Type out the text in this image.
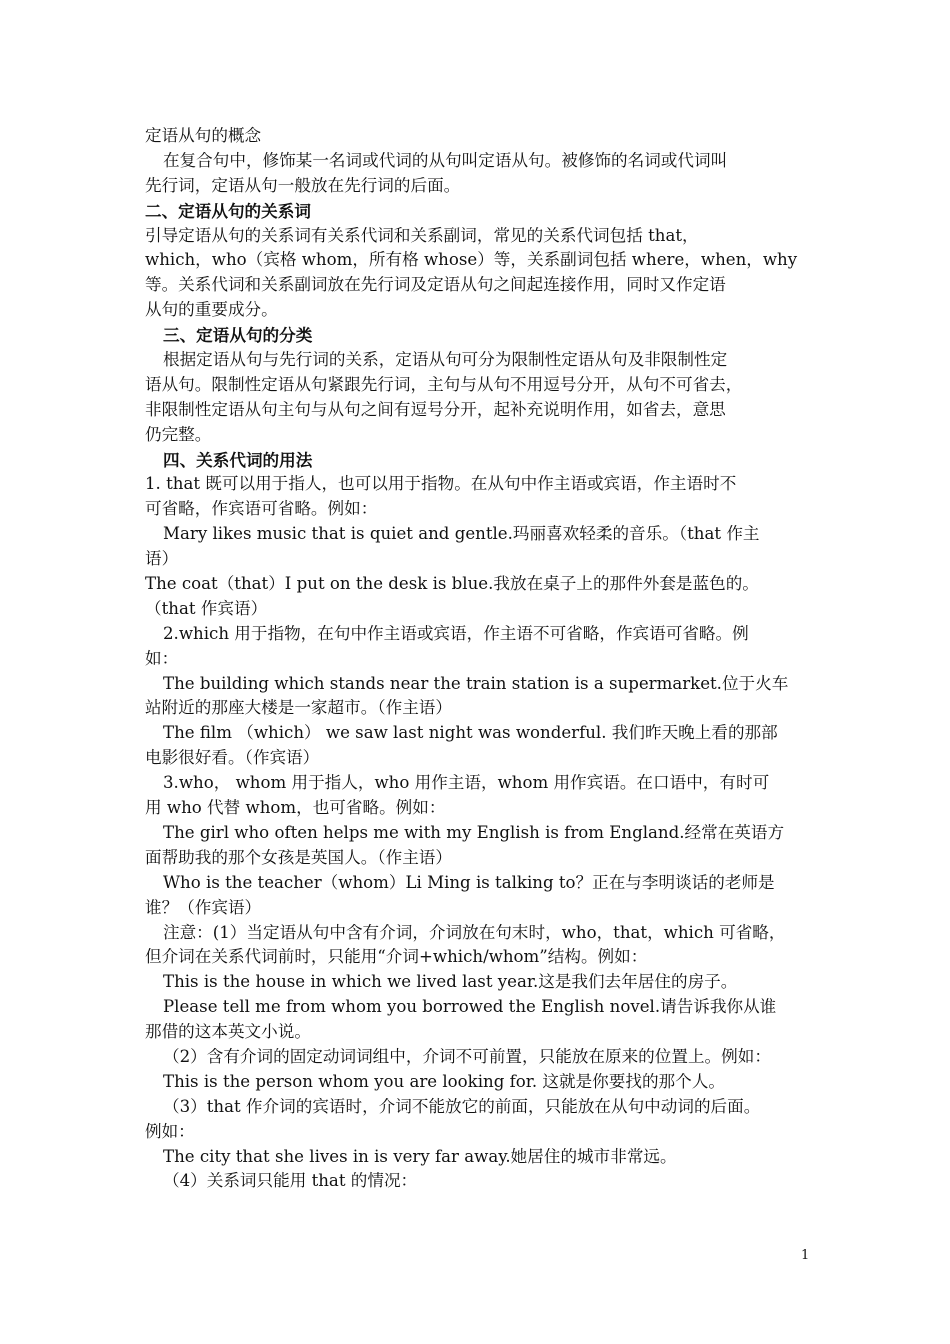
定语从句的概念
在复合句中，修饰某一名词或代词的从句叫定语从句。被修饰的名词或代词叫
先行词，定语从句一般放在先行词的后面。
二、定语从句的关系词
引导定语从句的关系词有关系代词和关系副词，常见的关系代词包括 that，
which，who（宾格 whom，所有格 whose）等，关系副词包括 where，when，why
等。关系代词和关系副词放在先行词及定语从句之间起连接作用，同时又作定语
从句的重要成分。
三、定语从句的分类
根据定语从句与先行词的关系，定语从句可分为限制性定语从句及非限制性定
语从句。限制性定语从句紧跟先行词，主句与从句不用逗号分开，从句不可省去，
非限制性定语从句主句与从句之间有逗号分开，起补充说明作用，如省去，意思
仍完整。
四、关系代词的用法
1. that 既可以用于指人，也可以用于指物。在从句中作主语或宾语，作主语时不
可省略，作宾语可省略。例如：
Mary likes music that is quiet and gentle.玛丽喜欢轻柔的音乐。（that 作主
语）
The coat（that）I put on the desk is blue.我放在桌子上的那件外套是蓝色的。
（that 作宾语）
2.which 用于指物，在句中作主语或宾语，作主语不可省略，作宾语可省略。例
如：
The building which stands near the train station is a supermarket.位于火车
站附近的那座大楼是一家超市。（作主语）
The film （which） we saw last night was wonderful. 我们昨天晚上看的那部
电影很好看。（作宾语）
3.who， whom 用于指人，who 用作主语，whom 用作宾语。在口语中，有时可
用 who 代替 whom，也可省略。例如：
The girl who often helps me with my English is from England.经常在英语方
面帮助我的那个女孩是英国人。（作主语）
Who is the teacher（whom）Li Ming is talking to？正在与李明谈话的老师是
谁？（作宾语）
注意：(1）当定语从句中含有介词，介词放在句末时，who，that，which 可省略，
但介词在关系代词前时，只能用“介词+which/whom”结构。例如：
This is the house in which we lived last year.这是我们去年居住的房子。
Please tell me from whom you borrowed the English novel.请告诉我你从谁
那借的这本英文小说。
（2）含有介词的固定动词词组中，介词不可前置，只能放在原来的位置上。例如：
This is the person whom you are looking for. 这就是你要找的那个人。
（3）that 作介词的宾语时，介词不能放它的前面，只能放在从句中动词的后面。
例如：
The city that she lives in is very far away.她居住的城市非常远。
（4）关系词只能用 that 的情况：
1
